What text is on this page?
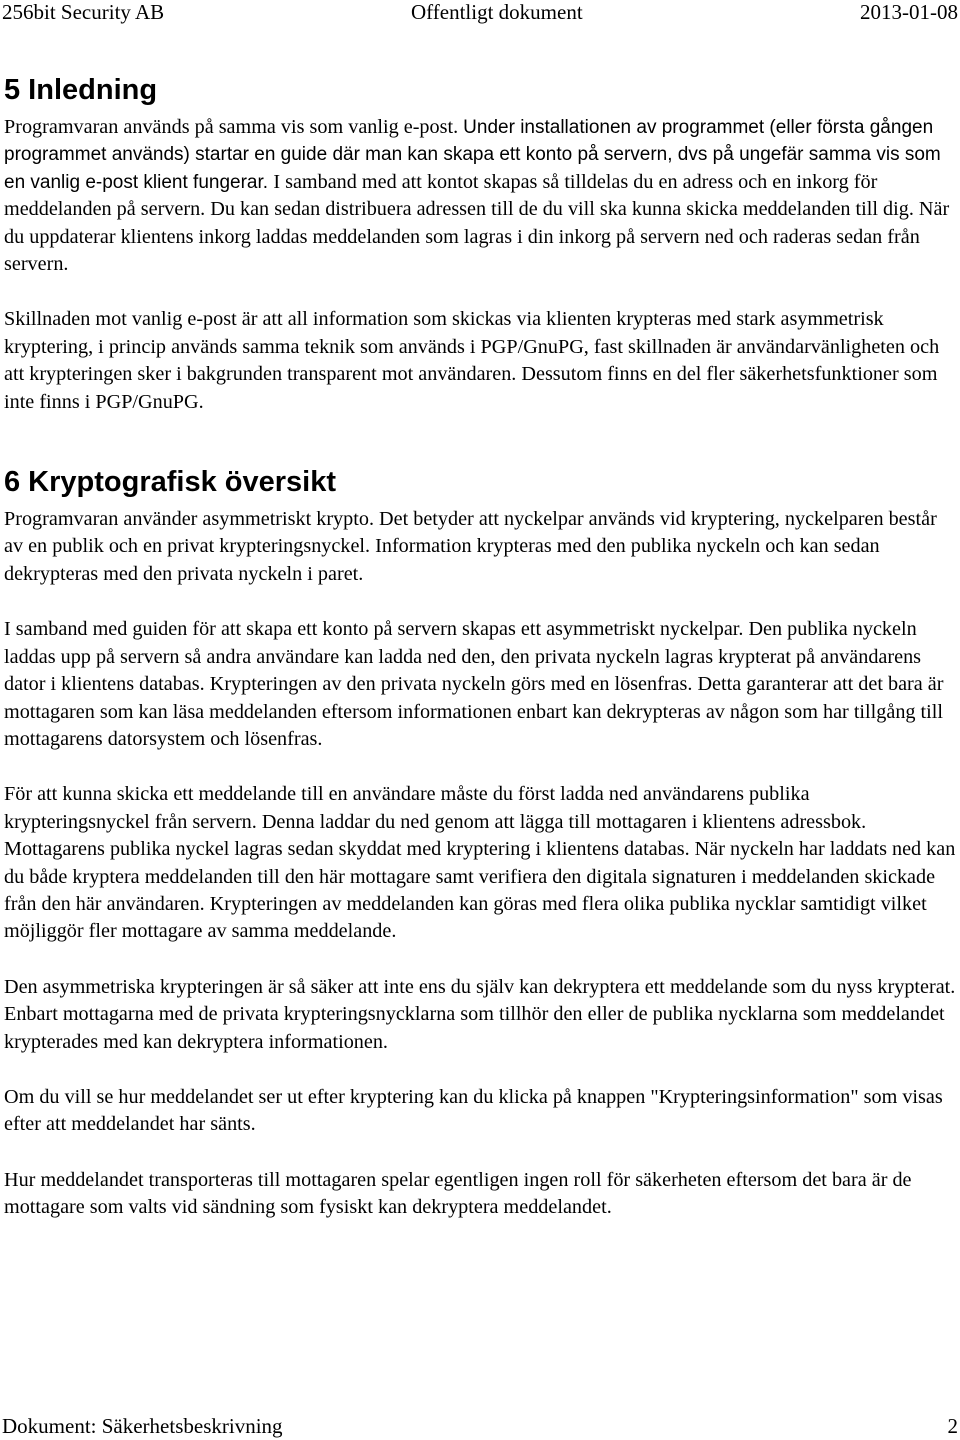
256bit Security AB	Offentligt dokument	2013-01-08
5 Inledning

Programvaran används på samma vis som vanlig e-post. Under installationen av programmet (eller första gången programmet används) startar en guide där man kan skapa ett konto på servern, dvs på ungefär samma vis som en vanlig e-post klient fungerar. I samband med att kontot skapas så tilldelas du en adress och en inkorg för meddelanden på servern. Du kan sedan distribuera adressen till de du vill ska kunna skicka meddelanden till dig. När du uppdaterar klientens inkorg laddas meddelanden som lagras i din inkorg på servern ned och raderas sedan från servern.

Skillnaden mot vanlig e-post är att all information som skickas via klienten krypteras med stark asymmetrisk kryptering, i princip används samma teknik som används i PGP/GnuPG, fast skillnaden är användarvänligheten och att krypteringen sker i bakgrunden transparent mot användaren. Dessutom finns en del fler säkerhetsfunktioner som inte finns i PGP/GnuPG.

6 Kryptografisk översikt

Programvaran använder asymmetriskt krypto. Det betyder att nyckelpar används vid kryptering, nyckelparen består av en publik och en privat krypteringsnyckel. Information krypteras med den publika nyckeln och kan sedan dekrypteras med den privata nyckeln i paret.

I samband med guiden för att skapa ett konto på servern skapas ett asymmetriskt nyckelpar. Den publika nyckeln laddas upp på servern så andra användare kan ladda ned den, den privata nyckeln lagras krypterat på användarens dator i klientens databas. Krypteringen av den privata nyckeln görs med en lösenfras. Detta garanterar att det bara är mottagaren som kan läsa meddelanden eftersom informationen enbart kan dekrypteras av någon som har tillgång till mottagarens datorsystem och lösenfras.

För att kunna skicka ett meddelande till en användare måste du först ladda ned användarens publika krypteringsnyckel från servern. Denna laddar du ned genom att lägga till mottagaren i klientens adressbok. Mottagarens publika nyckel lagras sedan skyddat med kryptering i klientens databas. När nyckeln har laddats ned kan du både kryptera meddelanden till den här mottagare samt verifiera den digitala signaturen i meddelanden skickade från den här användaren. Krypteringen av meddelanden kan göras med flera olika publika nycklar samtidigt vilket möjliggör fler mottagare av samma meddelande.

Den asymmetriska krypteringen är så säker att inte ens du själv kan dekryptera ett meddelande som du nyss krypterat. Enbart mottagarna med de privata krypteringsnycklarna som tillhör den eller de publika nycklarna som meddelandet krypterades med kan dekryptera informationen.

Om du vill se hur meddelandet ser ut efter kryptering kan du klicka på knappen "Krypteringsinformation" som visas efter att meddelandet har sänts.

Hur meddelandet transporteras till mottagaren spelar egentligen ingen roll för säkerheten eftersom det bara är de mottagare som valts vid sändning som fysiskt kan dekryptera meddelandet.

Dokument: Säkerhetsbeskrivning	2
